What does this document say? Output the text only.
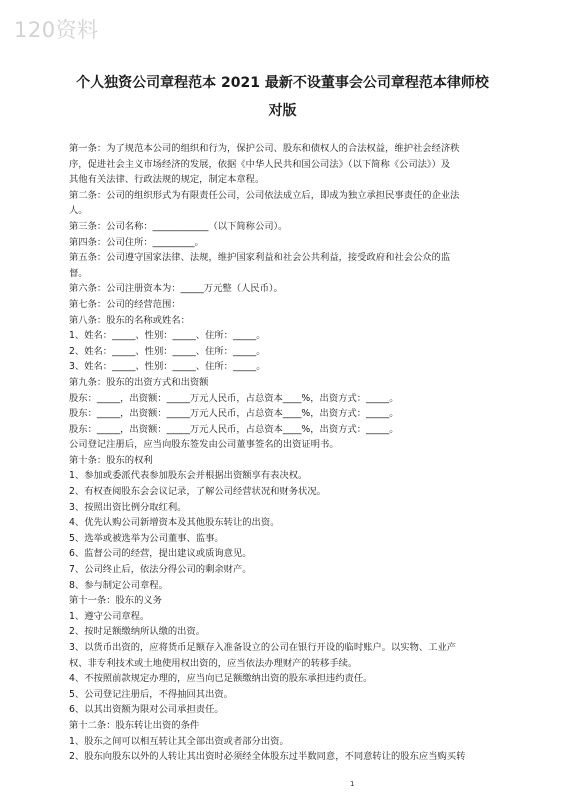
120资料
个人独资公司章程范本 2021 最新不设董事会公司章程范本律师校
对版
第一条：为了规范本公司的组织和行为，保护公司、股东和债权人的合法权益，维护社会经济秩
序，促进社会主义市场经济的发展，依据《中华人民共和国公司法》（以下简称《公司法》）及
其他有关法律、行政法规的规定，制定本章程。
第二条：公司的组织形式为有限责任公司，公司依法成立后，即成为独立承担民事责任的企业法
人。
第三条：公司名称：____________（以下简称公司）。
第四条：公司住所：_________。
第五条：公司遵守国家法律、法规，维护国家利益和社会公共利益，接受政府和社会公众的监
督。
第六条：公司注册资本为：_____万元整（人民币）。
第七条：公司的经营范围：
第八条：股东的名称或姓名：
1、姓名：_____、性别：_____、住所：_____。
2、姓名：_____、性别：_____、住所：_____。
3、姓名：_____、性别：_____、住所：_____。
第九条：股东的出资方式和出资额
股东：_____，出资额：_____万元人民币，占总资本____%，出资方式：_____。
股东：_____，出资额：_____万元人民币，占总资本____%，出资方式：_____。
股东：_____，出资额：_____万元人民币，占总资本____%，出资方式：_____。
公司登记注册后，应当向股东签发由公司董事签名的出资证明书。
第十条：股东的权利
1、参加或委派代表参加股东会并根据出资额享有表决权。
2、有权查阅股东会会议记录，了解公司经营状况和财务状况。
3、按照出资比例分取红利。
4、优先认购公司新增资本及其他股东转让的出资。
5、选举或被选举为公司董事、监事。
6、监督公司的经营，提出建议或质询意见。
7、公司终止后，依法分得公司的剩余财产。
8、参与制定公司章程。
第十一条：股东的义务
1、遵守公司章程。
2、按时足额缴纳所认缴的出资。
3、以货币出资的，应将货币足额存入准备设立的公司在银行开设的临时账户。以实物、工业产
权、非专利技术或土地使用权出资的，应当依法办理财产的转移手续。
4、不按照前款规定办理的，应当向已足额缴纳出资的股东承担违约责任。
5、公司登记注册后，不得抽回其出资。
6、以其出资额为限对公司承担责任。
第十二条：股东转让出资的条件
1、股东之间可以相互转让其全部出资或者部分出资。
2、股东向股东以外的人转让其出资时必须经全体股东过半数同意，不同意转让的股东应当购买转
1
